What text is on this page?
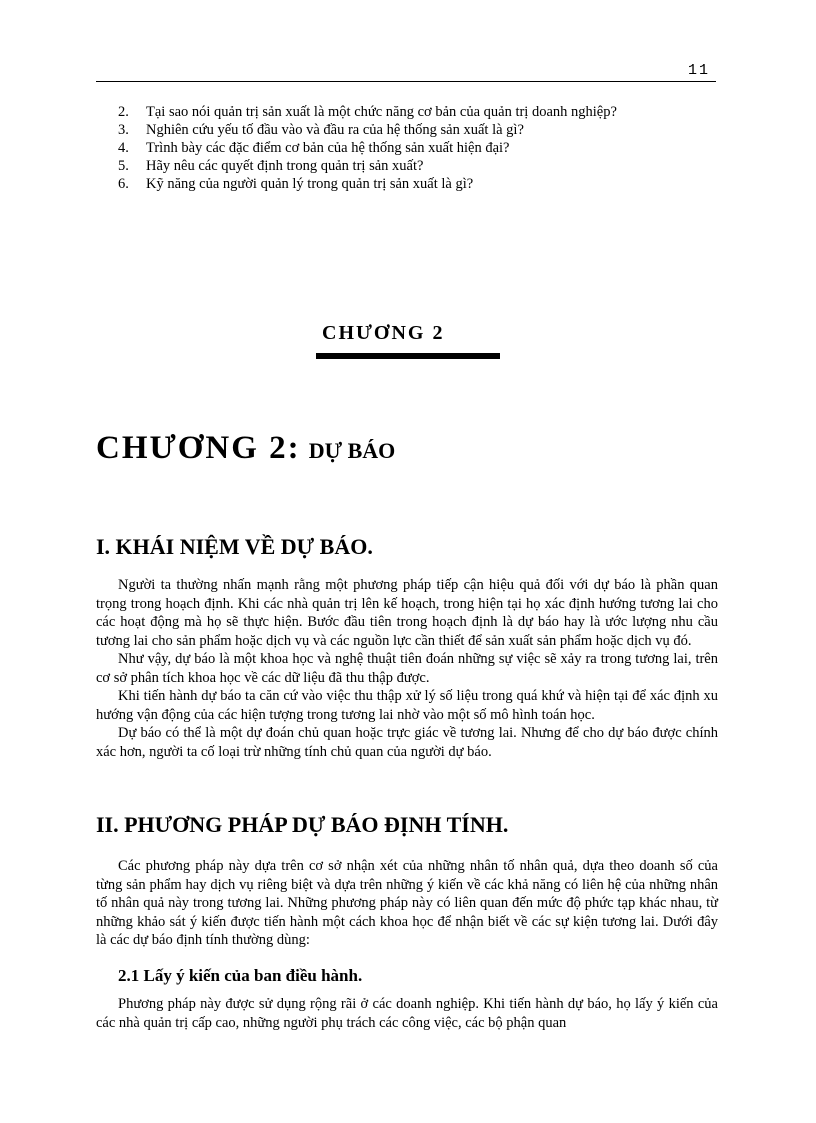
11
2.	Tại sao nói quản trị sản xuất là một chức năng cơ bản của quản trị doanh nghiệp?
3.	Nghiên cứu yếu tố đầu vào và đầu ra của hệ thống sản xuất là gì?
4.	Trình bày các đặc điểm cơ bản của hệ thống sản xuất hiện đại?
5.	Hãy nêu các quyết định trong quản trị sản xuất?
6.	Kỹ năng của người quản lý trong quản trị sản xuất là gì?
CHƯƠNG 2
CHƯƠNG 2: DỰ BÁO
I. KHÁI NIỆM VỀ DỰ BÁO.

Người ta thường nhấn mạnh rằng một phương pháp tiếp cận hiệu quả đối với dự báo là phần quan trọng trong hoạch định. Khi các nhà quản trị lên kế hoạch, trong hiện tại họ xác định hướng tương lai cho các hoạt động mà họ sẽ thực hiện. Bước đầu tiên trong hoạch định là dự báo hay là ước lượng nhu cầu tương lai cho sản phẩm hoặc dịch vụ và các nguồn lực cần thiết để sản xuất sản phẩm hoặc dịch vụ đó.

Như vậy, dự báo là một khoa học và nghệ thuật tiên đoán những sự việc sẽ xảy ra trong tương lai, trên cơ sở phân tích khoa học về các dữ liệu đã thu thập được.

Khi tiến hành dự báo ta căn cứ vào việc thu thập xử lý số liệu trong quá khứ và hiện tại để xác định xu hướng vận động của các hiện tượng trong tương lai nhờ vào một số mô hình toán học.

Dự báo có thể là một dự đoán chủ quan hoặc trực giác về tương lai. Nhưng để cho dự báo được chính xác hơn, người ta cố loại trừ những tính chủ quan của người dự báo.

II. PHƯƠNG PHÁP DỰ BÁO ĐỊNH TÍNH.

Các phương pháp này dựa trên cơ sở nhận xét của những nhân tố nhân quả, dựa theo doanh số của từng sản phẩm hay dịch vụ riêng biệt và dựa trên những ý kiến về các khả năng có liên hệ của những nhân tố nhân quả này trong tương lai. Những phương pháp này có liên quan đến mức độ phức tạp khác nhau, từ những khảo sát ý kiến được tiến hành một cách khoa học để nhận biết về các sự kiện tương lai. Dưới đây là các dự báo định tính thường dùng:

2.1 Lấy ý kiến của ban điều hành.

Phương pháp này được sử dụng rộng rãi ở các doanh nghiệp. Khi tiến hành dự báo, họ lấy ý kiến của các nhà quản trị cấp cao, những người phụ trách các công việc, các bộ phận quan
